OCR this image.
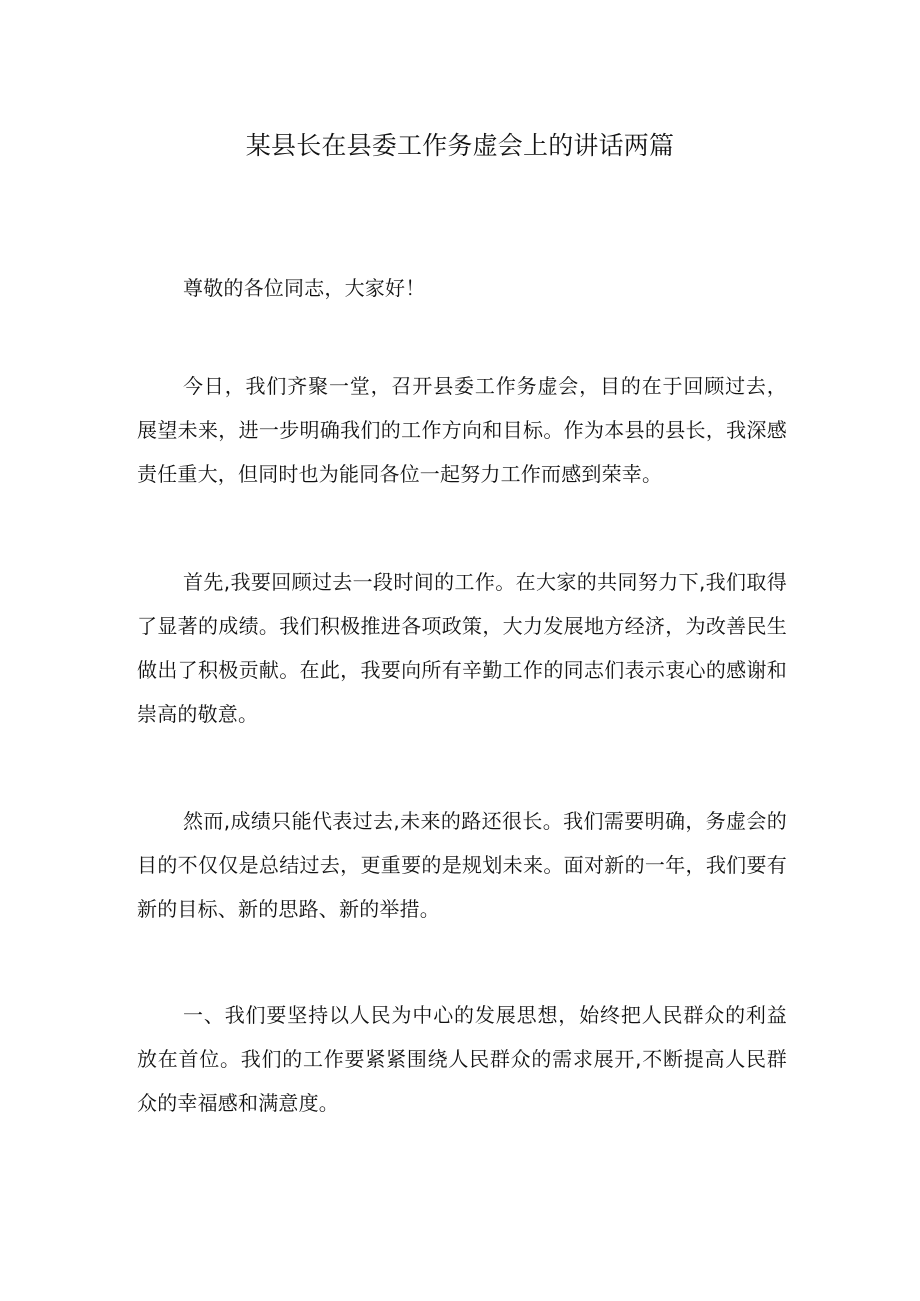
某县长在县委工作务虚会上的讲话两篇

尊敬的各位同志，大家好！

今日，我们齐聚一堂，召开县委工作务虚会，目的在于回顾过去，展望未来，进一步明确我们的工作方向和目标。作为本县的县长，我深感责任重大，但同时也为能同各位一起努力工作而感到荣幸。

首先,我要回顾过去一段时间的工作。在大家的共同努力下,我们取得了显著的成绩。我们积极推进各项政策，大力发展地方经济，为改善民生做出了积极贡献。在此，我要向所有辛勤工作的同志们表示衷心的感谢和崇高的敬意。

然而,成绩只能代表过去,未来的路还很长。我们需要明确，务虚会的目的不仅仅是总结过去，更重要的是规划未来。面对新的一年，我们要有新的目标、新的思路、新的举措。

一、我们要坚持以人民为中心的发展思想，始终把人民群众的利益放在首位。我们的工作要紧紧围绕人民群众的需求展开,不断提高人民群众的幸福感和满意度。
